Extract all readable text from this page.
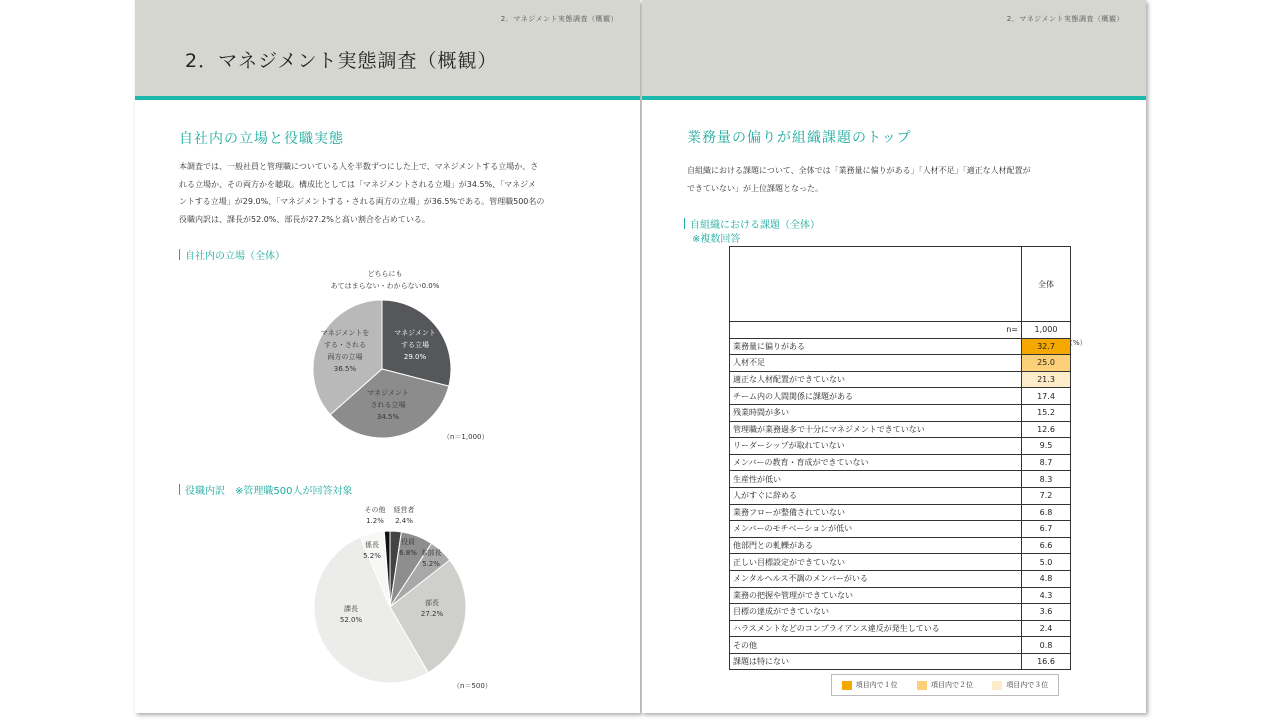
2．マネジメント実態調査（概観）
2．マネジメント実態調査（概観）
自社内の立場と役職実態
本調査では、一般社員と管理職についている人を半数ずつにした上で、マネジメントする立場か、さ
れる立場か、その両方かを聴取。構成比としては「マネジメントされる立場」が34.5%、「マネジメ
ントする立場」が29.0%、「マネジメントする・される両方の立場」が36.5%である。管理職500名の
役職内訳は、課長が52.0%、部長が27.2%と高い割合を占めている。
自社内の立場（全体）
どちらにも
あてはまらない・わからない0.0%
マネジメント
する立場
29.0%
マネジメント
される立場
34.5%
マネジメントを
する・される
両方の立場
36.5%
（n＝1,000）
役職内訳　※管理職500人が回答対象
その他
1.2%
経営者
2.4%
役員
6.8% 本部長
5.2%
部長
27.2%
課長
52.0%
係長
5.2%
（n＝500）
2．マネジメント実態調査（概観）
業務量の偏りが組織課題のトップ
自組織における課題について、全体では「業務量に偏りがある」「人材不足」「適正な人材配置が
できていない」が上位課題となった。
自組織における課題（全体）
※複数回答
	全体
n=	1,000
業務量に偏りがある	32.7
人材不足	25.0
適正な人材配置ができていない	21.3
チーム内の人間関係に課題がある	17.4
残業時間が多い	15.2
管理職が業務過多で十分にマネジメントできていない	12.6
リーダーシップが取れていない	9.5
メンバーの教育・育成ができていない	8.7
生産性が低い	8.3
人がすぐに辞める	7.2
業務フローが整備されていない	6.8
メンバーのモチベーションが低い	6.7
他部門との軋轢がある	6.6
正しい目標設定ができていない	5.0
メンタルヘルス不調のメンバーがいる	4.8
業務の把握や管理ができていない	4.3
目標の達成ができていない	3.6
ハラスメントなどのコンプライアンス違反が発生している	2.4
その他	0.8
課題は特にない	16.6
（%）
項目内で１位	項目内で２位	項目内で３位
